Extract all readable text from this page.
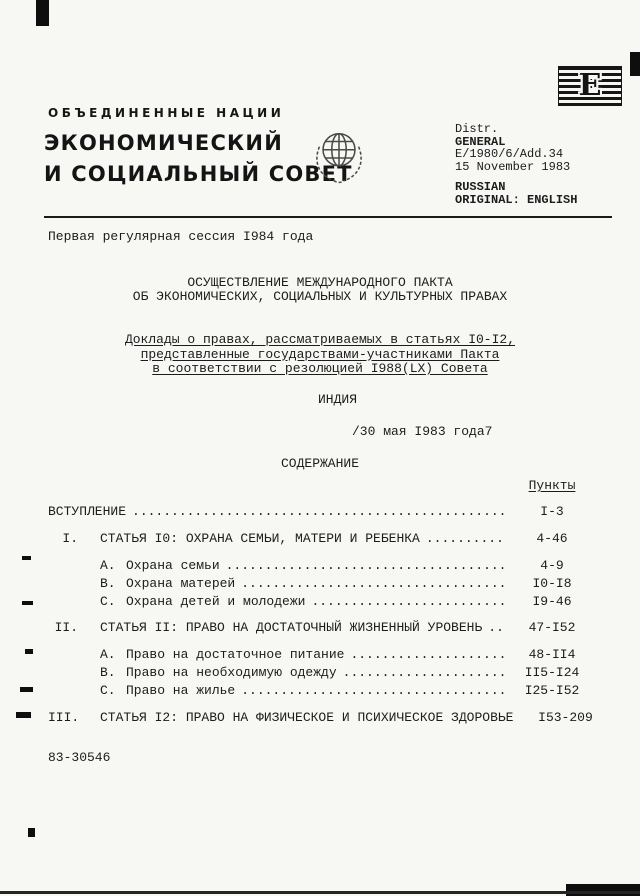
E
ОБЪЕДИНЕННЫЕ НАЦИИ
ЭКОНОМИЧЕСКИЙ
И СОЦИАЛЬНЫЙ СОВЕТ
Distr.
GENERAL
E/1980/6/Add.34
15 November 1983
RUSSIAN
ORIGINAL: ENGLISH
Первая регулярная сессия I984 года
ОСУЩЕСТВЛЕНИЕ МЕЖДУНАРОДНОГО ПАКТА
ОБ ЭКОНОМИЧЕСКИХ, СОЦИАЛЬНЫХ И КУЛЬТУРНЫХ ПРАВАХ
Доклады о правах, рассматриваемых в статьях I0-I2,
представленные государствами-участниками Пакта
в соответствии с резолюцией I988(LX) Совета
ИНДИЯ
/30 мая I983 года7
СОДЕРЖАНИЕ
Пункты
ВСТУПЛЕНИЕ .....	I-3
I. СТАТЬЯ I0: ОХРАНА СЕМЬИ, МАТЕРИ И РЕБЕНКА .....	4-46
А. Охрана семьи .....	4-9
В. Охрана матерей .....	I0-I8
С. Охрана детей и молодежи .....	I9-46
II. СТАТЬЯ II: ПРАВО НА ДОСТАТОЧНЫЙ ЖИЗНЕННЫЙ УРОВЕНЬ .....	47-I52
А. Право на достаточное питание .....	48-II4
В. Право на необходимую одежду .....	II5-I24
С. Право на жилье .....	I25-I52
III. СТАТЬЯ I2: ПРАВО НА ФИЗИЧЕСКОЕ И ПСИХИЧЕСКОЕ ЗДОРОВЬЕ	I53-209
83-30546
